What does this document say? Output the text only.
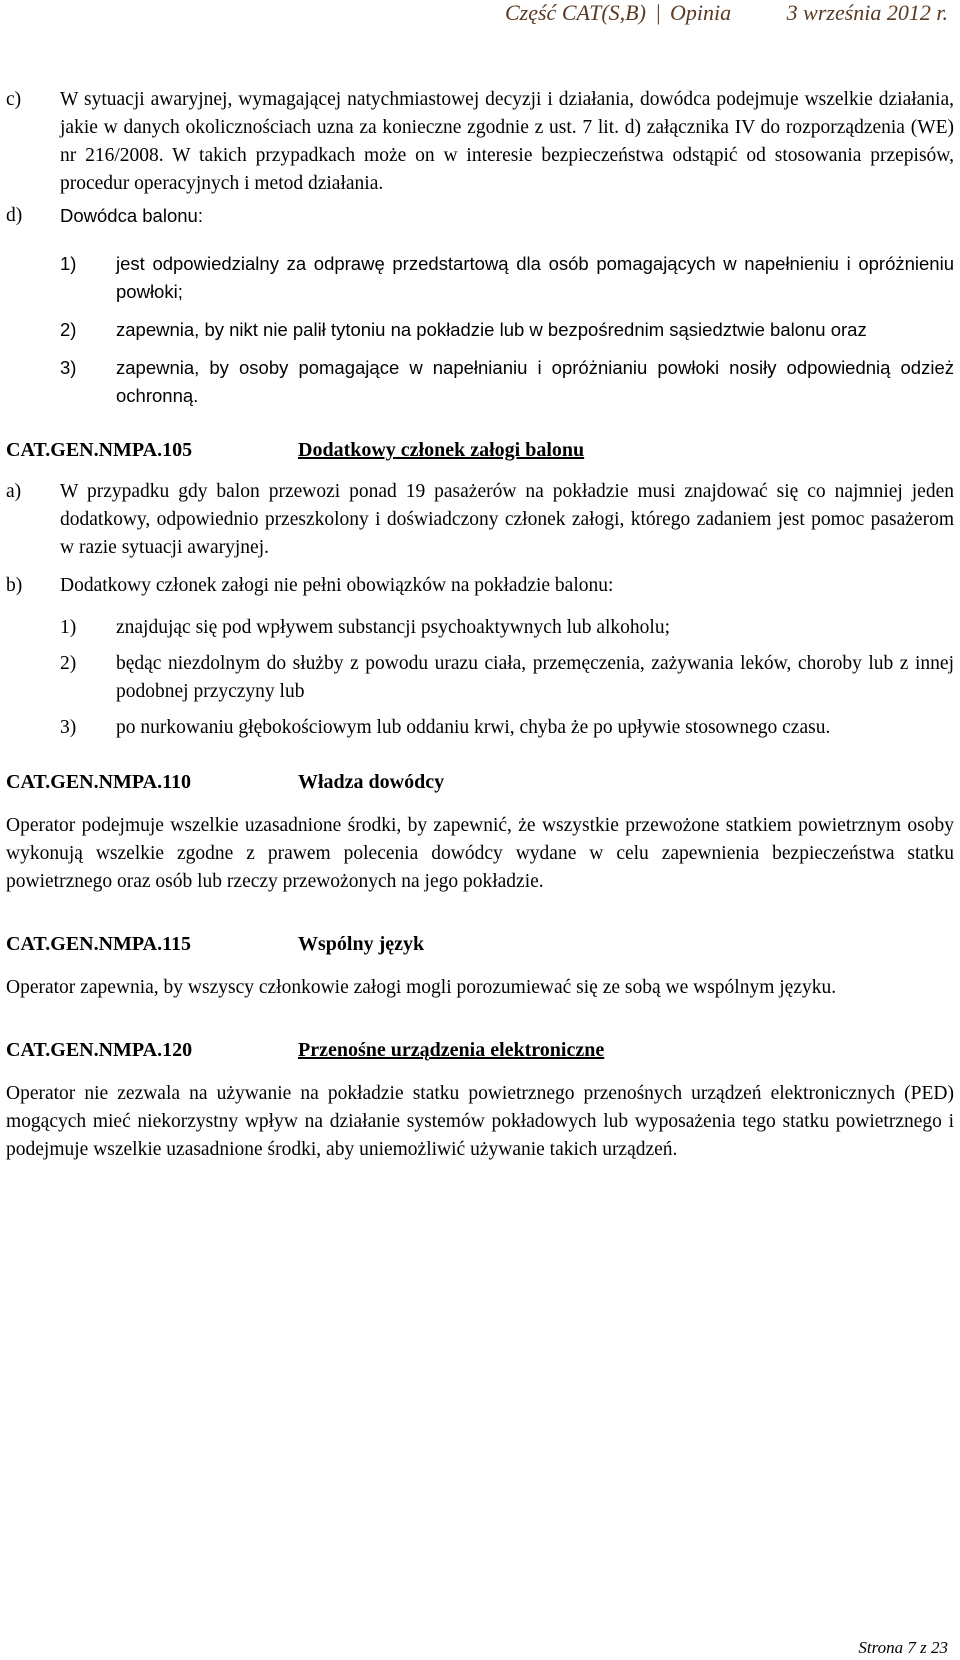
Część CAT(S,B) | Opinia	3 września 2012 r.
c)	W sytuacji awaryjnej, wymagającej natychmiastowej decyzji i działania, dowódca podejmuje wszelkie działania, jakie w danych okolicznościach uzna za konieczne zgodnie z ust. 7 lit. d) załącznika IV do rozporządzenia (WE) nr 216/2008. W takich przypadkach może on w interesie bezpieczeństwa odstąpić od stosowania przepisów, procedur operacyjnych i metod działania.
d)	Dowódca balonu:
1)	jest odpowiedzialny za odprawę przedstartową dla osób pomagających w napełnieniu i opróżnieniu powłoki;
2)	zapewnia, by nikt nie palił tytoniu na pokładzie lub w bezpośrednim sąsiedztwie balonu oraz
3)	zapewnia, by osoby pomagające w napełnianiu i opróżnianiu powłoki nosiły odpowiednią odzież ochronną.
CAT.GEN.NMPA.105	Dodatkowy członek załogi balonu
a)	W przypadku gdy balon przewozi ponad 19 pasażerów na pokładzie musi znajdować się co najmniej jeden dodatkowy, odpowiednio przeszkolony i doświadczony członek załogi, którego zadaniem jest pomoc pasażerom w razie sytuacji awaryjnej.
b)	Dodatkowy członek załogi nie pełni obowiązków na pokładzie balonu:
1)	znajdując się pod wpływem substancji psychoaktywnych lub alkoholu;
2)	będąc niezdolnym do służby z powodu urazu ciała, przemęczenia, zażywania leków, choroby lub z innej podobnej przyczyny lub
3)	po nurkowaniu głębokościowym lub oddaniu krwi, chyba że po upływie stosownego czasu.
CAT.GEN.NMPA.110	Władza dowódcy
Operator podejmuje wszelkie uzasadnione środki, by zapewnić, że wszystkie przewożone statkiem powietrznym osoby wykonują wszelkie zgodne z prawem polecenia dowódcy wydane w celu zapewnienia bezpieczeństwa statku powietrznego oraz osób lub rzeczy przewożonych na jego pokładzie.
CAT.GEN.NMPA.115	Wspólny język
Operator zapewnia, by wszyscy członkowie załogi mogli porozumiewać się ze sobą we wspólnym języku.
CAT.GEN.NMPA.120	Przenośne urządzenia elektroniczne
Operator nie zezwala na używanie na pokładzie statku powietrznego przenośnych urządzeń elektronicznych (PED) mogących mieć niekorzystny wpływ na działanie systemów pokładowych lub wyposażenia tego statku powietrznego i podejmuje wszelkie uzasadnione środki, aby uniemożliwić używanie takich urządzeń.
Strona 7 z 23
